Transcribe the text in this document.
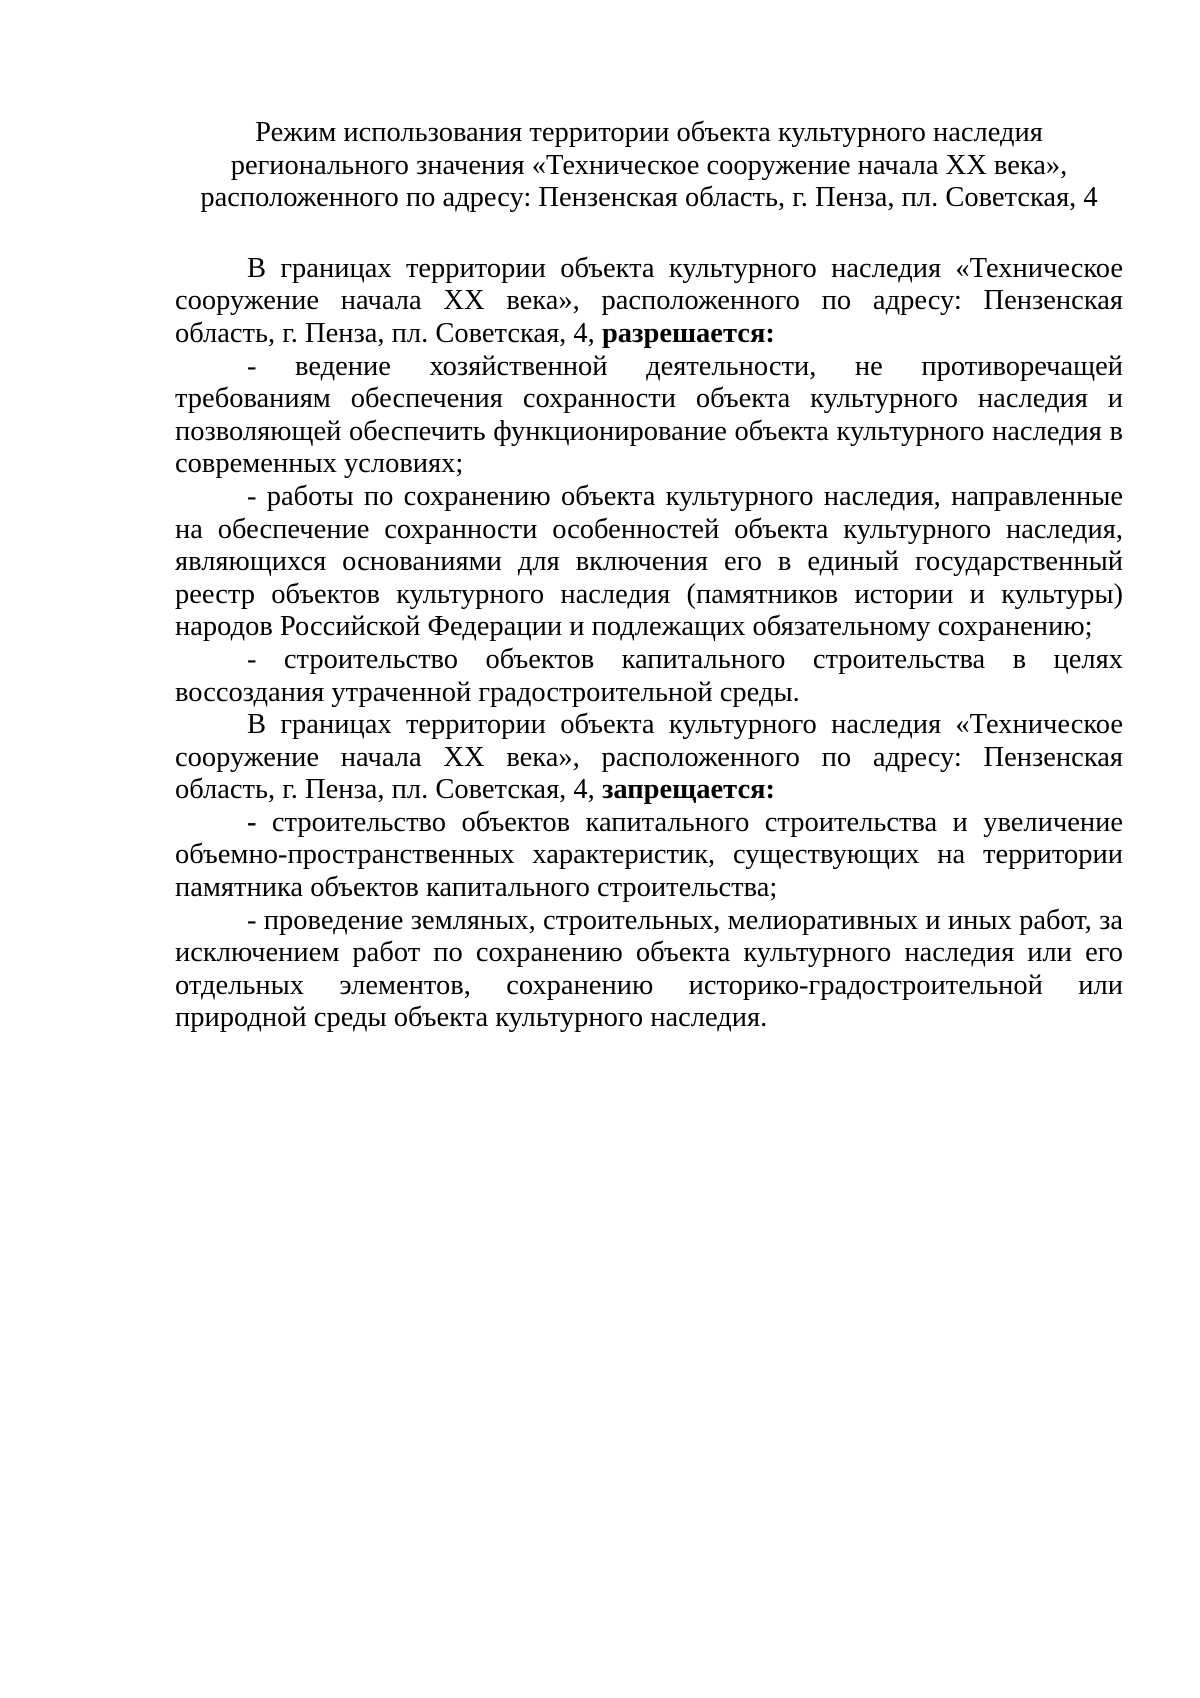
Режим использования территории объекта культурного наследия
регионального значения «Техническое сооружение начала XX века»,
расположенного по адресу: Пензенская область, г. Пенза, пл. Советская, 4

В границах территории объекта культурного наследия «Техническое сооружение начала XX века», расположенного по адресу: Пензенская область, г. Пенза, пл. Советская, 4, разрешается:

- ведение хозяйственной деятельности, не противоречащей требованиям обеспечения сохранности объекта культурного наследия и позволяющей обеспечить функционирование объекта культурного наследия в современных условиях;

- работы по сохранению объекта культурного наследия, направленные на обеспечение сохранности особенностей объекта культурного наследия, являющихся основаниями для включения его в единый государственный реестр объектов культурного наследия (памятников истории и культуры) народов Российской Федерации и подлежащих обязательному сохранению;

- строительство объектов капитального строительства в целях воссоздания утраченной градостроительной среды.

В границах территории объекта культурного наследия «Техническое сооружение начала XX века», расположенного по адресу: Пензенская область, г. Пенза, пл. Советская, 4, запрещается:

- строительство объектов капитального строительства и увеличение объемно-пространственных характеристик, существующих на территории памятника объектов капитального строительства;

- проведение земляных, строительных, мелиоративных и иных работ, за исключением работ по сохранению объекта культурного наследия или его отдельных элементов, сохранению историко-градостроительной или природной среды объекта культурного наследия.
